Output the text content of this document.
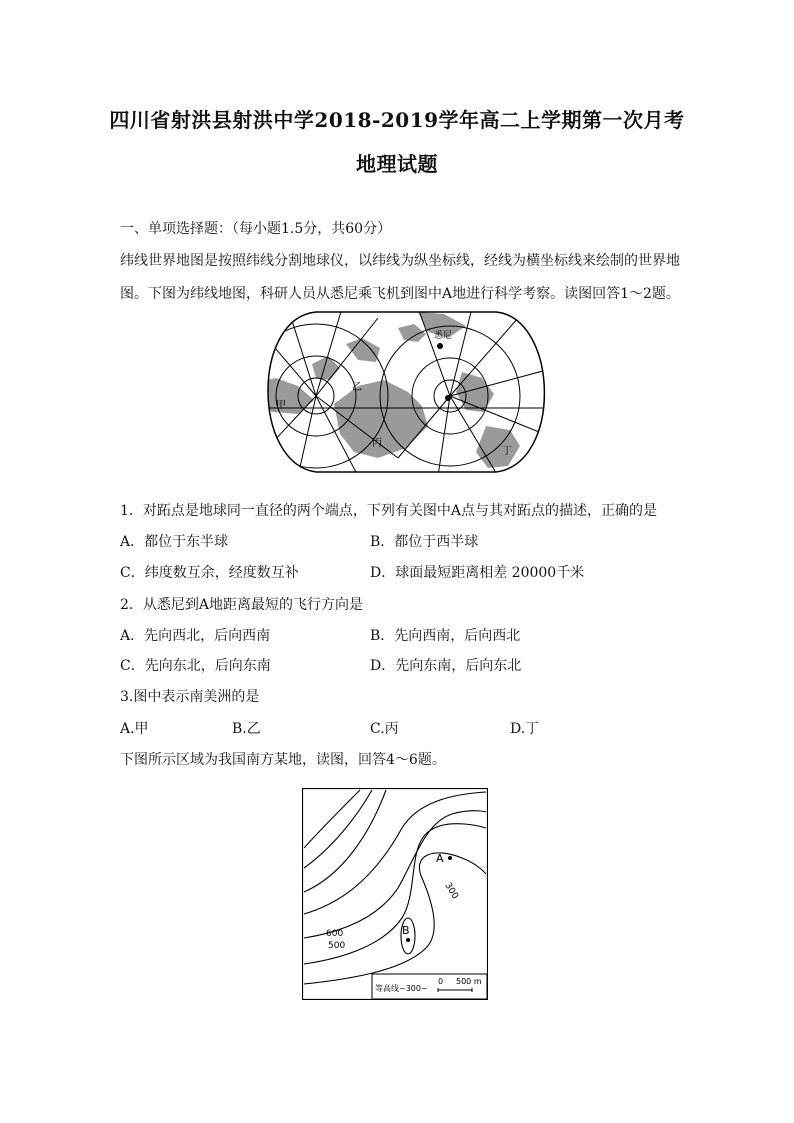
四川省射洪县射洪中学2018-2019学年高二上学期第一次月考
地理试题
一、单项选择题：（每小题1.5分，共60分）
纬线世界地图是按照纬线分割地球仪，以纬线为纵坐标线，经线为横坐标线来绘制的世界地
图。下图为纬线地图，科研人员从悉尼乘飞机到图中A地进行科学考察。读图回答1～2题。
悉尼
甲
乙
丙
丁
1．对跖点是地球同一直径的两个端点，下列有关图中A点与其对跖点的描述，正确的是
A．都位于东半球	B．都位于西半球
C．纬度数互余，经度数互补	D．球面最短距离相差 20000千米
2．从悉尼到A地距离最短的飞行方向是
A．先向西北，后向西南	B．先向西南，后向西北
C．先向东北，后向东南	D．先向东南，后向东北
3.图中表示南美洲的是
A.甲	B.乙	C.丙	D.丁
下图所示区域为我国南方某地，读图，回答4～6题。
A
B
300
600
500
等高线~300~
0 500 m
